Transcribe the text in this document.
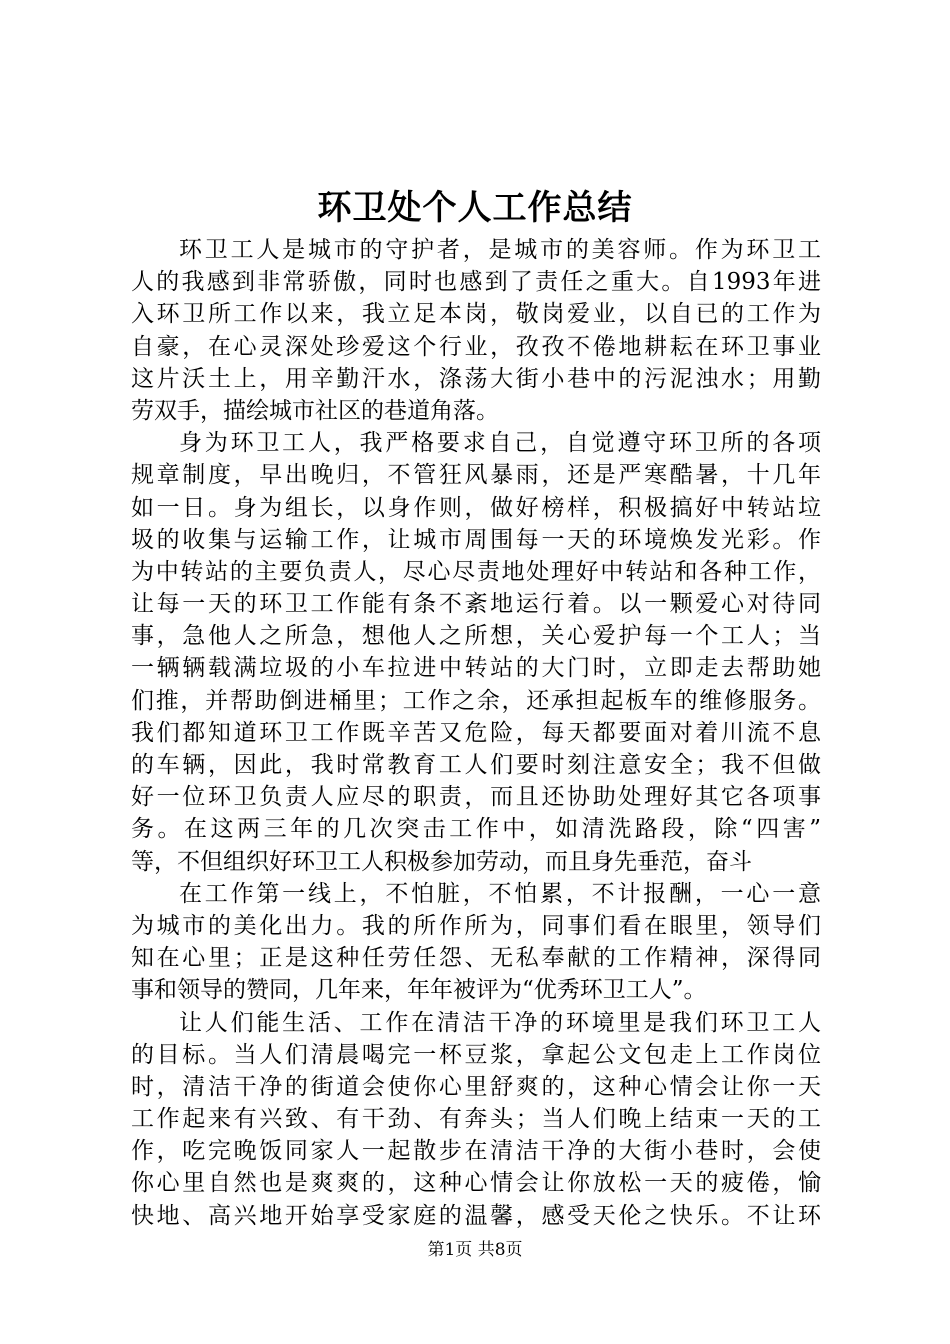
环卫处个人工作总结
环卫工人是城市的守护者，是城市的美容师。作为环卫工
人的我感到非常骄傲，同时也感到了责任之重大。自1993年进
入环卫所工作以来，我立足本岗，敬岗爱业，以自已的工作为
自豪，在心灵深处珍爱这个行业，孜孜不倦地耕耘在环卫事业
这片沃土上，用辛勤汗水，涤荡大街小巷中的污泥浊水；用勤
劳双手，描绘城市社区的巷道角落。
身为环卫工人，我严格要求自己，自觉遵守环卫所的各项
规章制度，早出晚归，不管狂风暴雨，还是严寒酷暑，十几年
如一日。身为组长，以身作则，做好榜样，积极搞好中转站垃
圾的收集与运输工作，让城市周围每一天的环境焕发光彩。作
为中转站的主要负责人，尽心尽责地处理好中转站和各种工作，
让每一天的环卫工作能有条不紊地运行着。以一颗爱心对待同
事，急他人之所急，想他人之所想，关心爱护每一个工人；当
一辆辆载满垃圾的小车拉进中转站的大门时，立即走去帮助她
们推，并帮助倒进桶里；工作之余，还承担起板车的维修服务。
我们都知道环卫工作既辛苦又危险，每天都要面对着川流不息
的车辆，因此，我时常教育工人们要时刻注意安全；我不但做
好一位环卫负责人应尽的职责，而且还协助处理好其它各项事
务。在这两三年的几次突击工作中，如清洗路段，除“四害”
等，不但组织好环卫工人积极参加劳动，而且身先垂范，奋斗
在工作第一线上，不怕脏，不怕累，不计报酬，一心一意
为城市的美化出力。我的所作所为，同事们看在眼里，领导们
知在心里；正是这种任劳任怨、无私奉献的工作精神，深得同
事和领导的赞同，几年来，年年被评为“优秀环卫工人”。
让人们能生活、工作在清洁干净的环境里是我们环卫工人
的目标。当人们清晨喝完一杯豆浆，拿起公文包走上工作岗位
时，清洁干净的街道会使你心里舒爽的，这种心情会让你一天
工作起来有兴致、有干劲、有奔头；当人们晚上结束一天的工
作，吃完晚饭同家人一起散步在清洁干净的大街小巷时，会使
你心里自然也是爽爽的，这种心情会让你放松一天的疲倦，愉
快地、高兴地开始享受家庭的温馨，感受天伦之快乐。不让环
第1页 共8页
